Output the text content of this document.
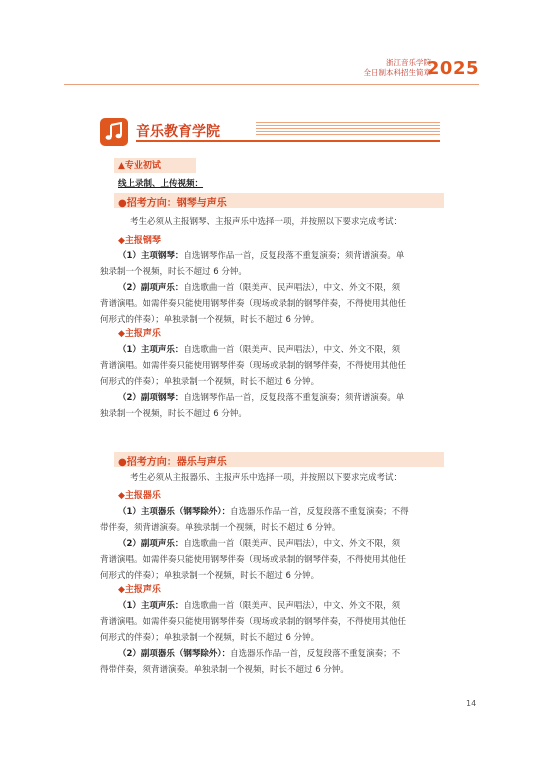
浙江音乐学院
全日制本科招生简章
2025
音乐教育学院
▲专业初试
线上录制、上传视频：
●招考方向：钢琴与声乐
考生必须从主报钢琴、主报声乐中选择一项，并按照以下要求完成考试：
◆主报钢琴
（1）主项钢琴：自选钢琴作品一首，反复段落不重复演奏；须背谱演奏。单
独录制一个视频，时长不超过 6 分钟。
（2）副项声乐：自选歌曲一首（限美声、民声唱法），中文、外文不限，须
背谱演唱。如需伴奏只能使用钢琴伴奏（现场或录制的钢琴伴奏，不得使用其他任
何形式的伴奏）；单独录制一个视频，时长不超过 6 分钟。
◆主报声乐
（1）主项声乐：自选歌曲一首（限美声、民声唱法），中文、外文不限，须
背谱演唱。如需伴奏只能使用钢琴伴奏（现场或录制的钢琴伴奏，不得使用其他任
何形式的伴奏）；单独录制一个视频，时长不超过 6 分钟。
（2）副项钢琴：自选钢琴作品一首，反复段落不重复演奏；须背谱演奏。单
独录制一个视频，时长不超过 6 分钟。
●招考方向：器乐与声乐
考生必须从主报器乐、主报声乐中选择一项，并按照以下要求完成考试：
◆主报器乐
（1）主项器乐（钢琴除外）：自选器乐作品一首，反复段落不重复演奏；不得
带伴奏，须背谱演奏。单独录制一个视频，时长不超过 6 分钟。
（2）副项声乐：自选歌曲一首（限美声、民声唱法），中文、外文不限，须
背谱演唱。如需伴奏只能使用钢琴伴奏（现场或录制的钢琴伴奏，不得使用其他任
何形式的伴奏）；单独录制一个视频，时长不超过 6 分钟。
◆主报声乐
（1）主项声乐：自选歌曲一首（限美声、民声唱法），中文、外文不限，须
背谱演唱。如需伴奏只能使用钢琴伴奏（现场或录制的钢琴伴奏，不得使用其他任
何形式的伴奏）；单独录制一个视频，时长不超过 6 分钟。
（2）副项器乐（钢琴除外）：自选器乐作品一首，反复段落不重复演奏；不
得带伴奏，须背谱演奏。单独录制一个视频，时长不超过 6 分钟。
14
